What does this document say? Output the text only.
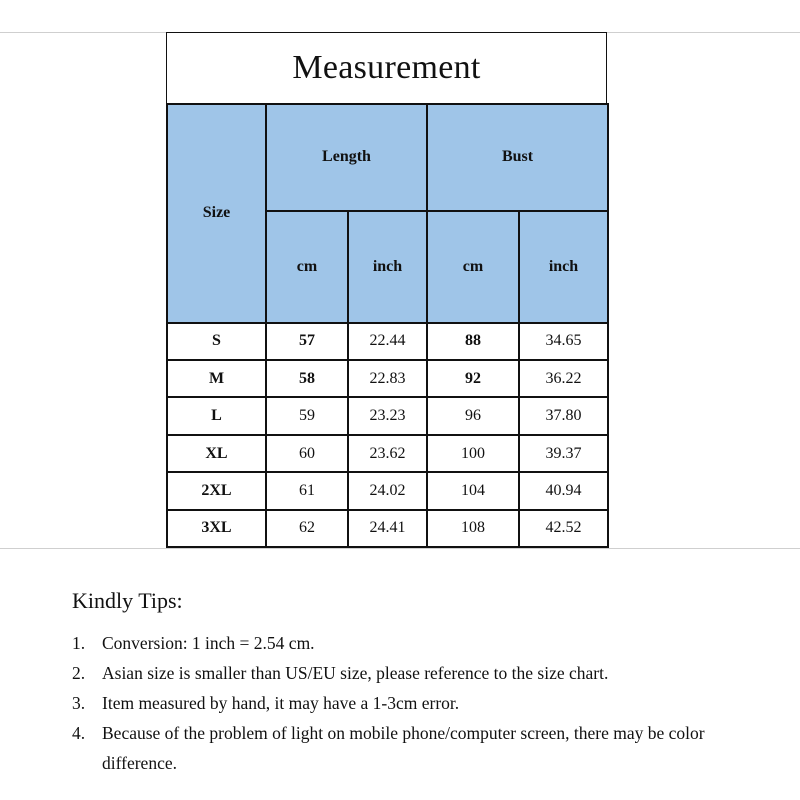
Measurement
Size	Length		Bust	
	cm	inch	cm	inch
S	57	22.44	88	34.65
M	58	22.83	92	36.22
L	59	23.23	96	37.80
XL	60	23.62	100	39.37
2XL	61	24.02	104	40.94
3XL	62	24.41	108	42.52
Kindly Tips:
1. Conversion: 1 inch = 2.54 cm.
2. Asian size is smaller than US/EU size, please reference to the size chart.
3. Item measured by hand, it may have a 1-3cm error.
4. Because of the problem of light on mobile phone/computer screen, there may be color difference.
